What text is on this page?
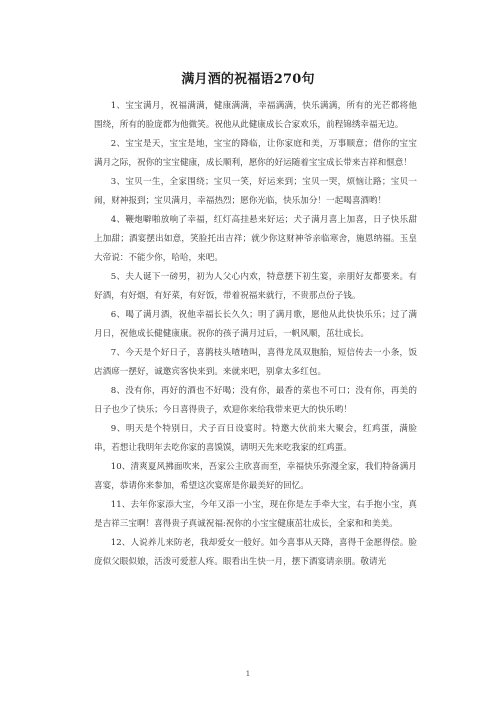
满月酒的祝福语270句

1、宝宝满月，祝福满满，健康满满，幸福满满，快乐满满，所有的光芒都将他围绕，所有的脸庞都为他微笑。祝他从此健康成长合家欢乐，前程锦绣幸福无边。

2、宝宝是天，宝宝是地，宝宝的降临，让你家庭和美，万事顺意；借你的宝宝满月之际，祝你的宝宝健康，成长顺利，愿你的好运随着宝宝成长带来吉祥和惬意！

3、宝贝一生，全家围绕；宝贝一笑，好运来到；宝贝一哭，烦恼让路；宝贝一闹，财神报到；宝贝满月，幸福热烈；愿你光临，快乐加分！一起喝喜酒哟！

4、鞭炮噼啪放响了幸福，红灯高挂悬来好运；犬子满月喜上加喜，日子快乐甜上加甜；酒宴摆出如意，笑脸托出吉祥；就少你这财神爷亲临寒舍，施恩纳福。玉皇大帝说：不能少你，哈哈，来吧。

5、夫人诞下一磅男，初为人父心内欢，特意摆下初生宴，亲朋好友都要来。有好酒，有好烟，有好菜，有好饭，带着祝福来就行，不贵那点份子钱。

6、喝了满月酒，祝他幸福长长久久；明了满月歌，愿他从此快快乐乐；过了满月日，祝他成长健健康康。祝你的孩子满月过后，一帆风顺，茁壮成长。

7、今天是个好日子，喜鹊枝头喳喳叫，喜得龙凤双胞胎，短信传去一小条，饭店酒席一摆好，诚邀宾客快来到。来就来吧，别拿太多红包。

8、没有你，再好的酒也不好喝；没有你，最香的菜也不可口；没有你，再美的日子也少了快乐；今日喜得贵子，欢迎你来给我带来更大的快乐哟！

9、明天是个特别日，犬子百日设宴时。特邀大伙前来大聚会，红鸡蛋，满脸串，若想让我明年去吃你家的喜馍馍，请明天先来吃我家的红鸡蛋。

10、清爽夏风拂面吹来，吾家公主欣喜而至，幸福快乐弥漫全家，我们特备满月喜宴，恭请你来参加，希望这次宴席是你最美好的回忆。

11、去年你家添大宝，今年又添一小宝，现在你是左手牵大宝，右手抱小宝，真是吉祥三宝啊！喜得贵子真诚祝福:祝你的小宝宝健康茁壮成长，全家和和美美。

12、人说养儿来防老，我却爱女一般好。如今喜事从天降，喜得千金愿得偿。脸庞似父眼似娘，活泼可爱惹人疼。眼看出生快一月，摆下酒宴请亲朋。敬请光

1
